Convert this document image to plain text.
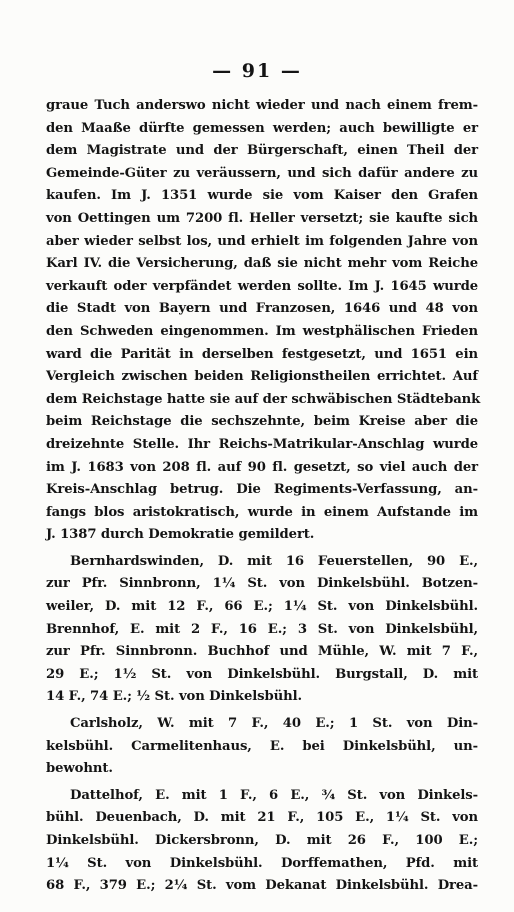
— 91 —
graue Tuch anderswo nicht wieder und nach einem frem-
den Maaße dürfte gemessen werden; auch bewilligte er
dem Magistrate und der Bürgerschaft, einen Theil der
Gemeinde-Güter zu veräussern, und sich dafür andere zu
kaufen. Im J. 1351 wurde sie vom Kaiser den Grafen
von Oettingen um 7200 fl. Heller versetzt; sie kaufte sich
aber wieder selbst los, und erhielt im folgenden Jahre von
Karl IV. die Versicherung, daß sie nicht mehr vom Reiche
verkauft oder verpfändet werden sollte. Im J. 1645 wurde
die Stadt von Bayern und Franzosen, 1646 und 48 von
den Schweden eingenommen. Im westphälischen Frieden
ward die Parität in derselben festgesetzt, und 1651 ein
Vergleich zwischen beiden Religionstheilen errichtet. Auf
dem Reichstage hatte sie auf der schwäbischen Städtebank
beim Reichstage die sechszehnte, beim Kreise aber die
dreizehnte Stelle. Ihr Reichs-Matrikular-Anschlag wurde
im J. 1683 von 208 fl. auf 90 fl. gesetzt, so viel auch der
Kreis-Anschlag betrug. Die Regiments-Verfassung, an-
fangs blos aristokratisch, wurde in einem Aufstande im
J. 1387 durch Demokratie gemildert.
Bernhardswinden, D. mit 16 Feuerstellen, 90 E.,
zur Pfr. Sinnbronn, 1¼ St. von Dinkelsbühl. Botzen-
weiler, D. mit 12 F., 66 E.; 1¼ St. von Dinkelsbühl.
Brennhof, E. mit 2 F., 16 E.; 3 St. von Dinkelsbühl,
zur Pfr. Sinnbronn. Buchhof und Mühle, W. mit 7 F.,
29 E.; 1½ St. von Dinkelsbühl. Burgstall, D. mit
14 F., 74 E.; ½ St. von Dinkelsbühl.
Carlsholz, W. mit 7 F., 40 E.; 1 St. von Din-
kelsbühl. Carmelitenhaus, E. bei Dinkelsbühl, un-
bewohnt.
Dattelhof, E. mit 1 F., 6 E., ¾ St. von Dinkels-
bühl. Deuenbach, D. mit 21 F., 105 E., 1¼ St. von
Dinkelsbühl. Dickersbronn, D. mit 26 F., 100 E.;
1¼ St. von Dinkelsbühl. Dorffemathen, Pfd. mit
68 F., 379 E.; 2¼ St. vom Dekanat Dinkelsbühl. Drea-
